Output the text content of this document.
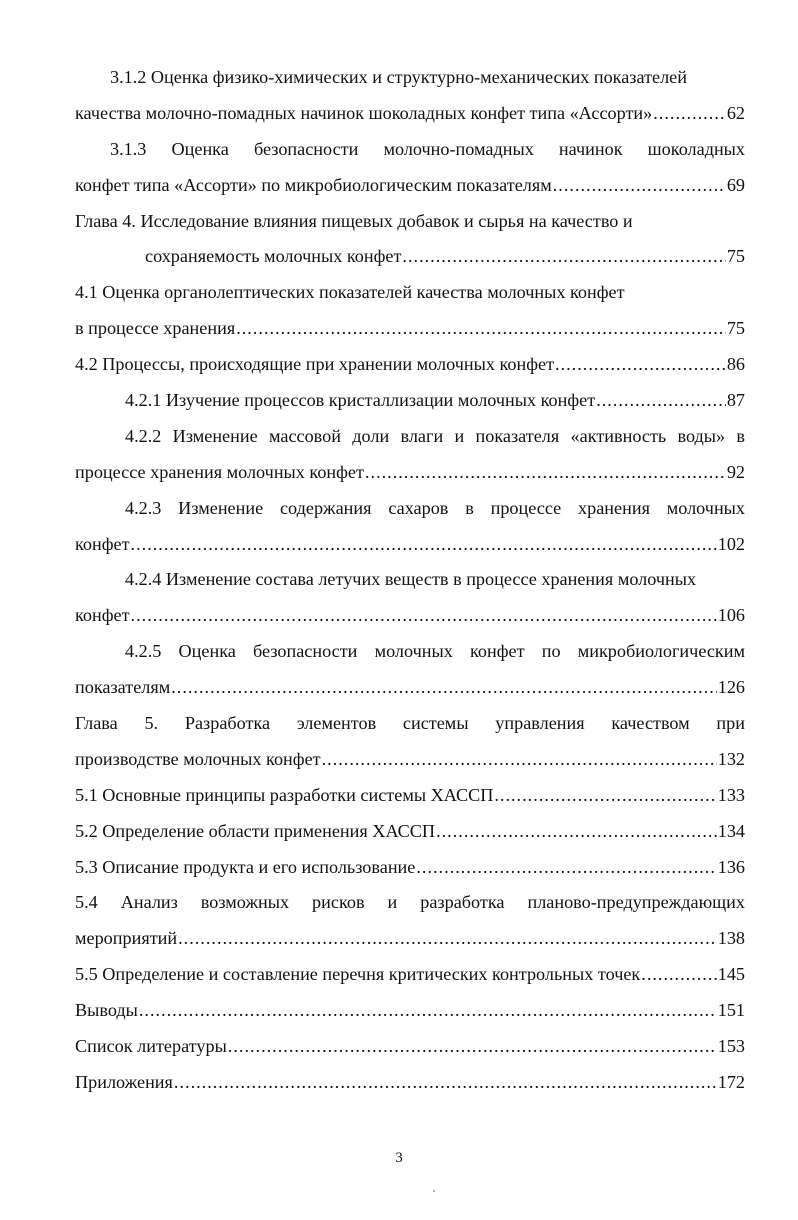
3.1.2 Оценка физико-химических и структурно-механических показателей
качества молочно-помадных начинок шоколадных конфет типа «Ассорти» .....	62
3.1.3 Оценка безопасности молочно-помадных начинок шоколадных
конфет типа «Ассорти» по микробиологическим показателям .....	69
Глава 4. Исследование влияния пищевых добавок и сырья на качество и
сохраняемость молочных конфет .....	75
4.1 Оценка органолептических показателей качества молочных конфет
в процессе хранения .....	75
4.2 Процессы, происходящие при хранении молочных конфет .....	86
4.2.1 Изучение процессов кристаллизации молочных конфет .....	87
4.2.2 Изменение массовой доли влаги и показателя «активность воды» в
процессе хранения молочных конфет .....	92
4.2.3 Изменение содержания сахаров в процессе хранения молочных
конфет .....	102
4.2.4 Изменение состава летучих веществ в процессе хранения молочных
конфет .....	106
4.2.5 Оценка безопасности молочных конфет по микробиологическим
показателям .....	126
Глава 5. Разработка элементов системы управления качеством при
производстве молочных конфет .....	132
5.1 Основные принципы разработки системы ХАССП .....	133
5.2 Определение области применения ХАССП .....	134
5.3 Описание продукта и его использование .....	136
5.4 Анализ возможных рисков и разработка планово-предупреждающих
мероприятий .....	138
5.5 Определение и составление перечня критических контрольных точек .....	145
Выводы .....	151
Список литературы .....	153
Приложения .....	172
3
